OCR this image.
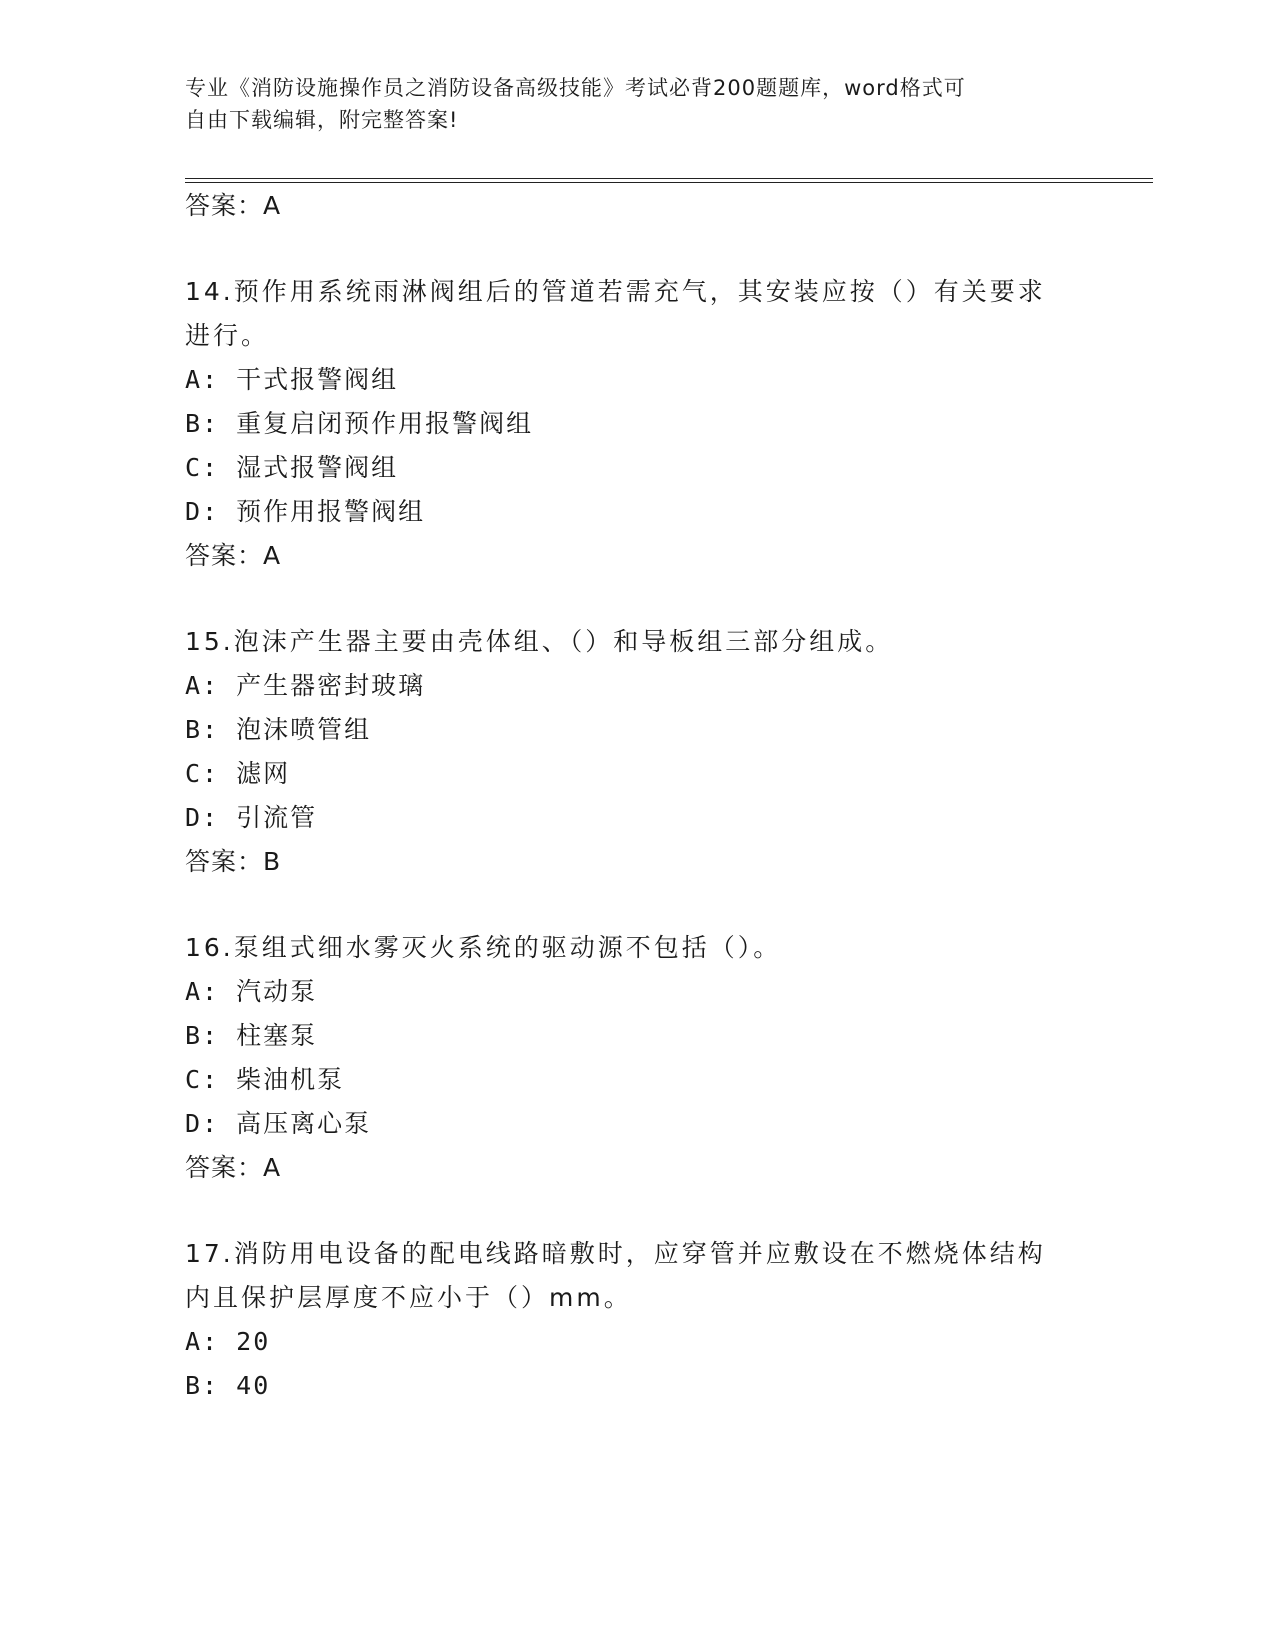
专业《消防设施操作员之消防设备高级技能》考试必背200题题库，word格式可
自由下载编辑，附完整答案!
答案：A
14.预作用系统雨淋阀组后的管道若需充气，其安装应按（）有关要求
进行。
A: 干式报警阀组
B: 重复启闭预作用报警阀组
C: 湿式报警阀组
D: 预作用报警阀组
答案：A
15.泡沫产生器主要由壳体组、（）和导板组三部分组成。
A: 产生器密封玻璃
B: 泡沫喷管组
C: 滤网
D: 引流管
答案：B
16.泵组式细水雾灭火系统的驱动源不包括（）。
A: 汽动泵
B: 柱塞泵
C: 柴油机泵
D: 高压离心泵
答案：A
17.消防用电设备的配电线路暗敷时，应穿管并应敷设在不燃烧体结构
内且保护层厚度不应小于（）mm。
A: 20
B: 40
